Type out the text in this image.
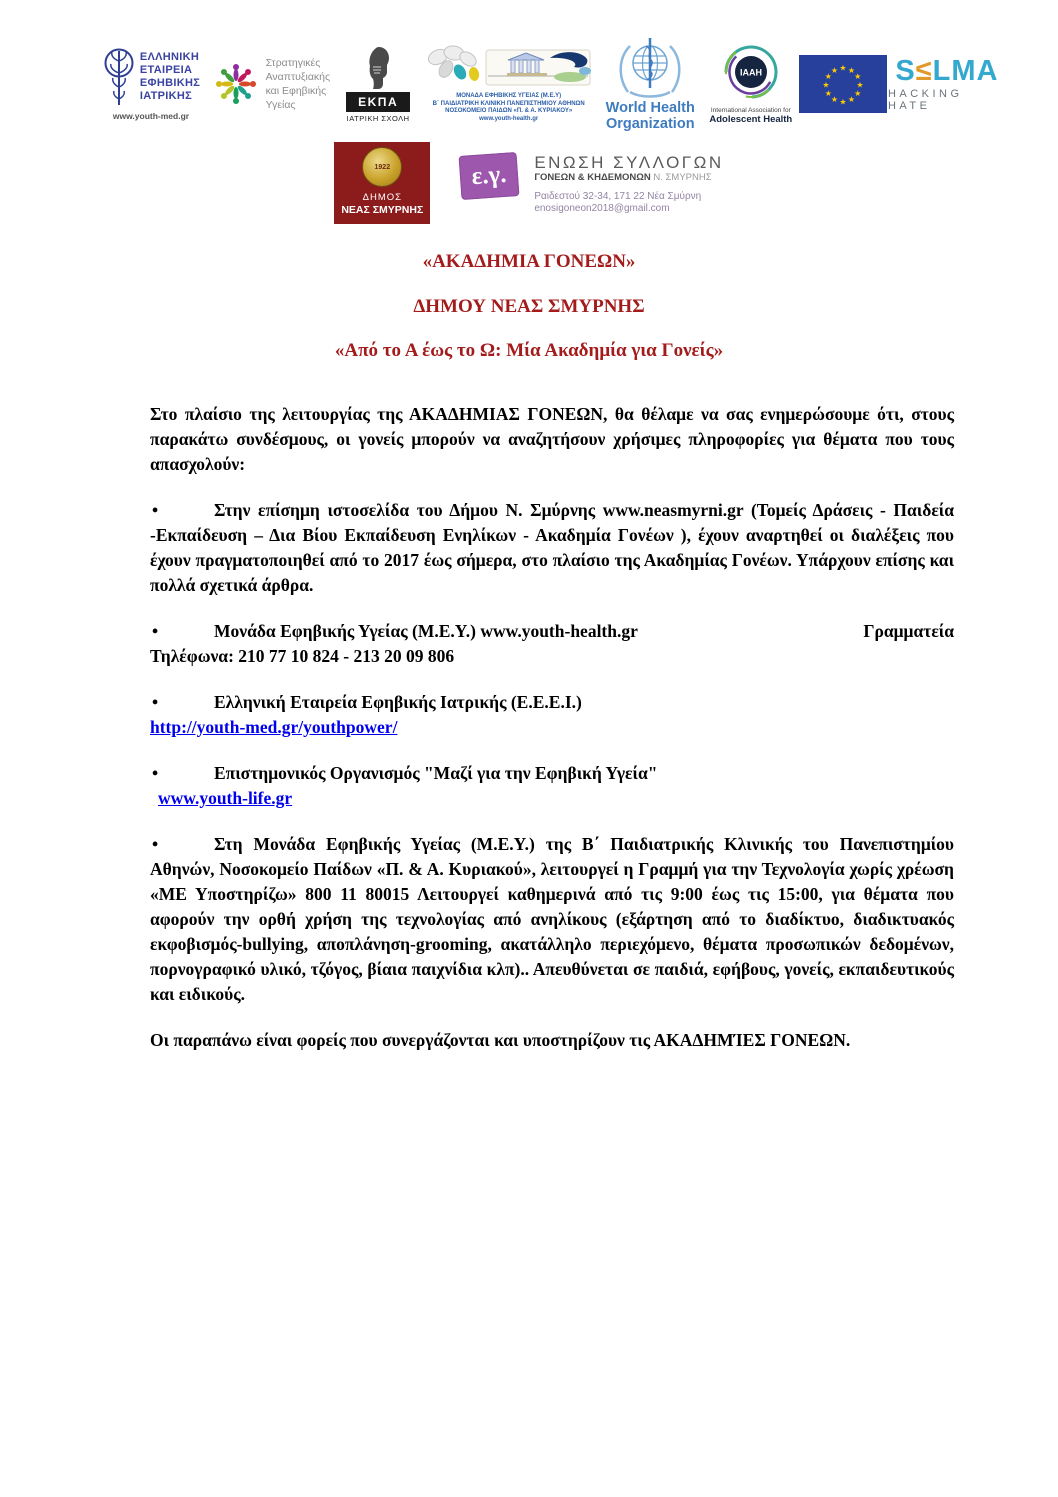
ΕΛΛΗΝΙΚΗ
ΕΤΑΙΡΕΙΑ
ΕΦΗΒΙΚΗΣ
ΙΑΤΡΙΚΗΣ
www.youth-med.gr
Στρατηγικές
Αναπτυξιακής
και Εφηβικής
Υγείας	ΕΚΠΑ
ΙΑΤΡΙΚΗ ΣΧΟΛΗ
ΜΟΝΑΔΑ ΕΦΗΒΙΚΗΣ ΥΓΕΙΑΣ (Μ.Ε.Υ)
Β΄ ΠΑΙΔΙΑΤΡΙΚΗ ΚΛΙΝΙΚΗ ΠΑΝΕΠΙΣΤΗΜΙΟΥ ΑΘΗΝΩΝ
ΝΟΣΟΚΟΜΕΙΟ ΠΑΙΔΩΝ «Π. & Α. ΚΥΡΙΑΚΟΥ»
www.youth-health.gr
World Health
Organization
IAAH
International Association for
Adolescent Health
★ ★
★
★
★
★
★
★
★
★
★
★ S≤LMA
HACKING HATE
1922
ΔΗΜΟΣ
ΝΕΑΣ ΣΜΥΡΝΗΣ
ε.γ.	ΕΝΩΣΗ ΣΥΛΛΟΓΩΝ
ΓΟΝΕΩΝ & ΚΗΔΕΜΟΝΩΝ Ν. ΣΜΥΡΝΗΣ
Ραιδεστού 32-34, 171 22 Νέα Σμύρνη
enosigoneon2018@gmail.com
«ΑΚΑΔΗΜΙΑ ΓΟΝΕΩΝ»
ΔΗΜΟΥ ΝΕΑΣ ΣΜΥΡΝΗΣ
«Από το Α έως το Ω: Μία Ακαδημία για Γονείς»

Στο πλαίσιο της λειτουργίας της ΑΚΑΔΗΜΙΑΣ ΓΟΝΕΩΝ, θα θέλαμε να σας ενημερώσουμε ότι, στους παρακάτω συνδέσμους, οι γονείς μπορούν να αναζητήσουν χρήσιμες πληροφορίες για θέματα που τους απασχολούν:

•	Στην επίσημη ιστοσελίδα του Δήμου Ν. Σμύρνης www.neasmyrni.gr (Τομείς Δράσεις - Παιδεία -Εκπαίδευση – Δια Βίου Εκπαίδευση Ενηλίκων - Ακαδημία Γονέων ), έχουν αναρτηθεί οι διαλέξεις που έχουν πραγματοποιηθεί από το 2017 έως σήμερα, στο πλαίσιο της Ακαδημίας Γονέων. Υπάρχουν επίσης και πολλά σχετικά άρθρα.
•	Μονάδα Εφηβικής Υγείας (Μ.Ε.Υ.) www.youth-health.gr	Γραμματεία
Τηλέφωνα: 210 77 10 824 - 213 20 09 806
•	Ελληνική Εταιρεία Εφηβικής Ιατρικής (Ε.Ε.Ε.Ι.)
http://youth-med.gr/youthpower/
•	Επιστημονικός Οργανισμός "Μαζί για την Εφηβική Υγεία"
www.youth-life.gr
•	Στη Μονάδα Εφηβικής Υγείας (Μ.Ε.Υ.) της Β΄ Παιδιατρικής Κλινικής του Πανεπιστημίου Αθηνών, Νοσοκομείο Παίδων «Π. & Α. Κυριακού», λειτουργεί η Γραμμή για την Τεχνολογία χωρίς χρέωση «ΜΕ Υποστηρίζω» 800 11 80015 Λειτουργεί καθημερινά από τις 9:00 έως τις 15:00, για θέματα που αφορούν την ορθή χρήση της τεχνολογίας από ανηλίκους (εξάρτηση από το διαδίκτυο, διαδικτυακός εκφοβισμός-bullying, αποπλάνηση-grooming, ακατάλληλο περιεχόμενο, θέματα προσωπικών δεδομένων, πορνογραφικό υλικό, τζόγος, βίαια παιχνίδια κλπ).. Απευθύνεται σε παιδιά, εφήβους, γονείς, εκπαιδευτικούς και ειδικούς.

Οι παραπάνω είναι φορείς που συνεργάζονται και υποστηρίζουν τις ΑΚΑΔΗΜΊΕΣ ΓΟΝΕΩΝ.
